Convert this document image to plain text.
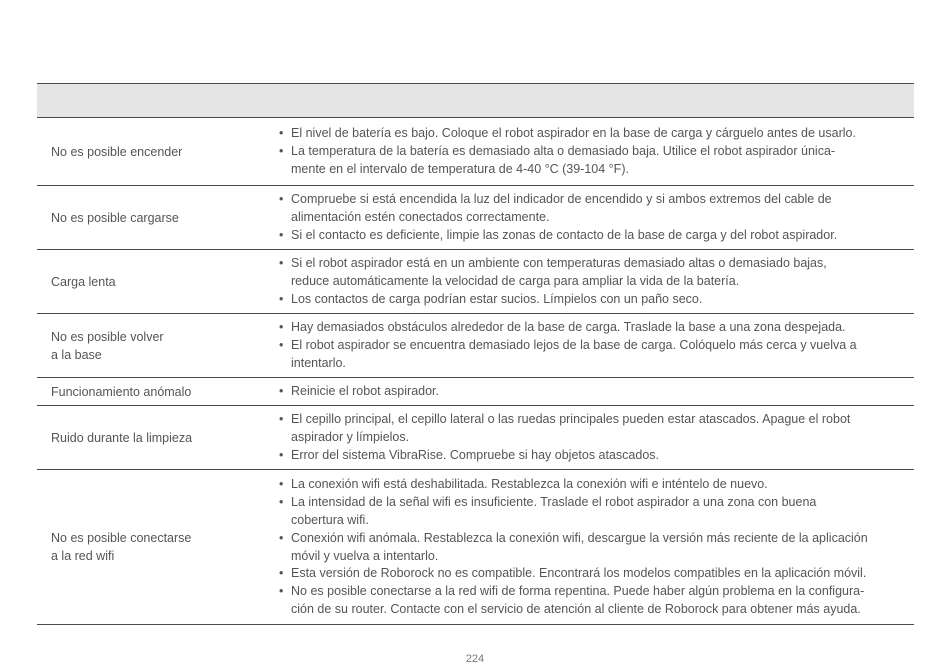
No es posible encender
• El nivel de batería es bajo. Coloque el robot aspirador en la base de carga y cárguelo antes de usarlo.
• La temperatura de la batería es demasiado alta o demasiado baja. Utilice el robot aspirador única-
mente en el intervalo de temperatura de 4-40 °C (39-104 °F).
No es posible cargarse
• Compruebe si está encendida la luz del indicador de encendido y si ambos extremos del cable de
alimentación estén conectados correctamente.
• Si el contacto es deficiente, limpie las zonas de contacto de la base de carga y del robot aspirador.
Carga lenta
• Si el robot aspirador está en un ambiente con temperaturas demasiado altas o demasiado bajas,
reduce automáticamente la velocidad de carga para ampliar la vida de la batería.
• Los contactos de carga podrían estar sucios. Límpielos con un paño seco.
No es posible volver
a la base
• Hay demasiados obstáculos alrededor de la base de carga. Traslade la base a una zona despejada.
• El robot aspirador se encuentra demasiado lejos de la base de carga. Colóquelo más cerca y vuelva a
intentarlo.
Funcionamiento anómalo	• Reinicie el robot aspirador.
Ruido durante la limpieza
• El cepillo principal, el cepillo lateral o las ruedas principales pueden estar atascados. Apague el robot
aspirador y límpielos.
• Error del sistema VibraRise. Compruebe si hay objetos atascados.
No es posible conectarse
a la red wifi
• La conexión wifi está deshabilitada. Restablezca la conexión wifi e inténtelo de nuevo.
• La intensidad de la señal wifi es insuficiente. Traslade el robot aspirador a una zona con buena
cobertura wifi.
• Conexión wifi anómala. Restablezca la conexión wifi, descargue la versión más reciente de la aplicación
móvil y vuelva a intentarlo.
• Esta versión de Roborock no es compatible. Encontrará los modelos compatibles en la aplicación móvil.
• No es posible conectarse a la red wifi de forma repentina. Puede haber algún problema en la configura-
ción de su router. Contacte con el servicio de atención al cliente de Roborock para obtener más ayuda.
224
